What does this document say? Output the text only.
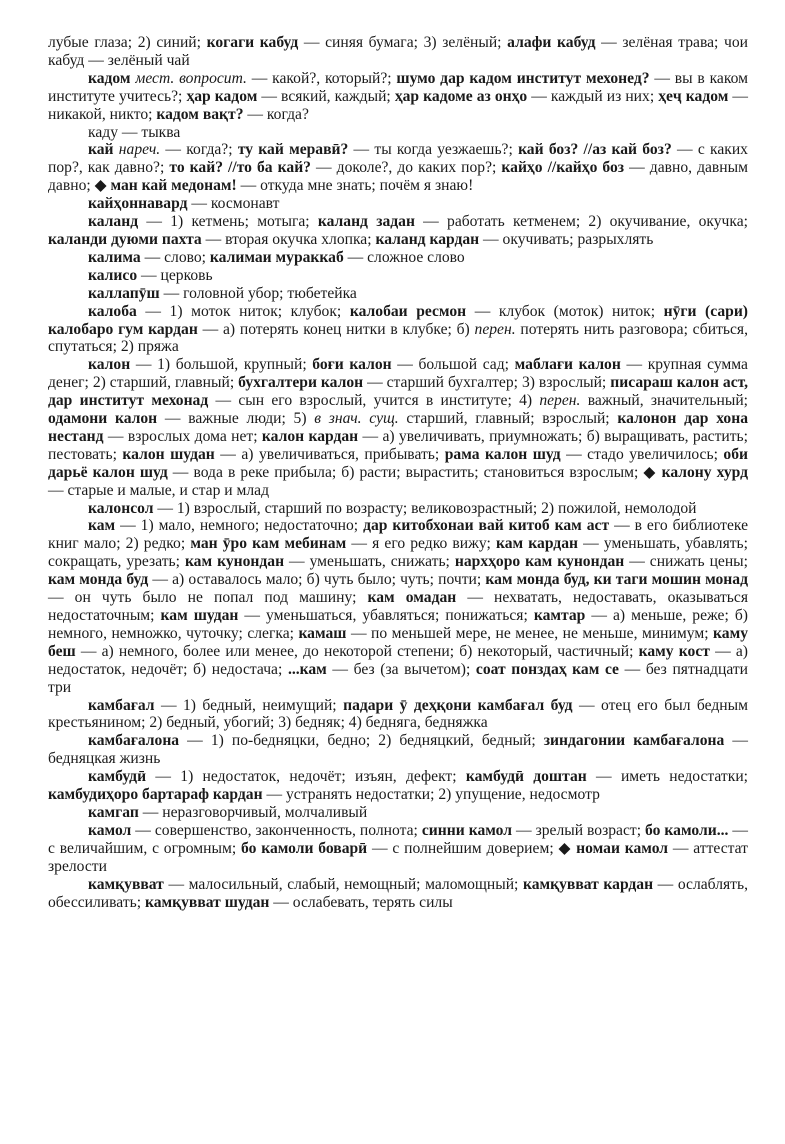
лубые глаза; 2) синий; когаги кабуд — синяя бумага; 3) зелёный; алафи кабуд — зелёная трава; чои кабуд — зелёный чай

кадом мест. вопросит. — какой?, который?; шумо дар кадом институт мехонед? — вы в каком институте учитесь?; ҳар кадом — всякий, каждый; ҳар кадоме аз онҳо — каждый из них; ҳеҷ кадом — никакой, никто; кадом вақт? — когда?

каду — тыква

кай нареч. — когда?; ту кай меравӣ? — ты когда уезжаешь?; кай боз? //аз кай боз? — с каких пор?, как давно?; то кай? //то ба кай? — доколе?, до каких пор?; кайҳо //кайҳо боз — давно, давным давно; ◆ ман кай медонам! — откуда мне знать; почём я знаю!

кайҳоннавард — космонавт

каланд — 1) кетмень; мотыга; каланд задан — работать кетменем; 2) окучивание, окучка; каланди дуюми пахта — вторая окучка хлопка; каланд кардан — окучивать; разрыхлять

калима — слово; калимаи мураккаб — сложное слово

калисо — церковь

каллапӯш — головной убор; тюбетейка

калоба — 1) моток ниток; клубок; калобаи ресмон — клубок (моток) ниток; нӯги (сари) калобаро гум кардан — а) потерять конец нитки в клубке; б) перен. потерять нить разговора; сбиться, спутаться; 2) пряжа

калон — 1) большой, крупный; боғи калон — большой сад; маблағи калон — крупная сумма денег; 2) старший, главный; бухгалтери калон — старший бухгалтер; 3) взрослый; писараш калон аст, дар институт мехонад — сын его взрослый, учится в институте; 4) перен. важный, значительный; одамони калон — важные люди; 5) в знач. сущ. старший, главный; взрослый; калонон дар хона нестанд — взрослых дома нет; калон кардан — а) увеличивать, приумножать; б) выращивать, растить; пестовать; калон шудан — а) увеличиваться, прибывать; рама калон шуд — стадо увеличилось; оби дарьё калон шуд — вода в реке прибыла; б) расти; вырастить; становиться взрослым; ◆ калону хурд — старые и малые, и стар и млад

калонсол — 1) взрослый, старший по возрасту; великовозрастный; 2) пожилой, немолодой

кам — 1) мало, немного; недостаточно; дар китобхонаи вай китоб кам аст — в его библиотеке книг мало; 2) редко; ман ӯро кам мебинам — я его редко вижу; кам кардан — уменьшать, убавлять; сокращать, урезать; кам кунондан — уменьшать, снижать; нархҳоро кам кунондан — снижать цены; кам монда буд — а) оставалось мало; б) чуть было; чуть; почти; кам монда буд, ки таги мошин монад — он чуть было не попал под машину; кам омадан — нехватать, недоставать, оказываться недостаточным; кам шудан — уменьшаться, убавляться; понижаться; камтар — а) меньше, реже; б) немного, немножко, чуточку; слегка; камаш — по меньшей мере, не менее, не меньше, минимум; каму беш — а) немного, более или менее, до некоторой степени; б) некоторый, частичный; каму кост — а) недостаток, недочёт; б) недостача; ...кам — без (за вычетом); соат понздаҳ кам се — без пятнадцати три

камбағал — 1) бедный, неимущий; падари ӯ деҳқони камбағал буд — отец его был бедным крестьянином; 2) бедный, убогий; 3) бедняк; 4) бедняга, бедняжка

камбағалона — 1) по-бедняцки, бедно; 2) бедняцкий, бедный; зиндагонии камбағалона — бедняцкая жизнь

камбудӣ — 1) недостаток, недочёт; изъян, дефект; камбудӣ доштан — иметь недостатки; камбудиҳоро бартараф кардан — устранять недостатки; 2) упущение, недосмотр

камгап — неразговорчивый, молчаливый

камол — совершенство, законченность, полнота; синни камол — зрелый возраст; бо камоли... — с величайшим, с огромным; бо камоли боварӣ — с полнейшим доверием; ◆ номаи камол — аттестат зрелости

камқувват — малосильный, слабый, немощный; маломощный; камқувват кардан — ослаблять, обессиливать; камқувват шудан — ослабевать, терять силы
